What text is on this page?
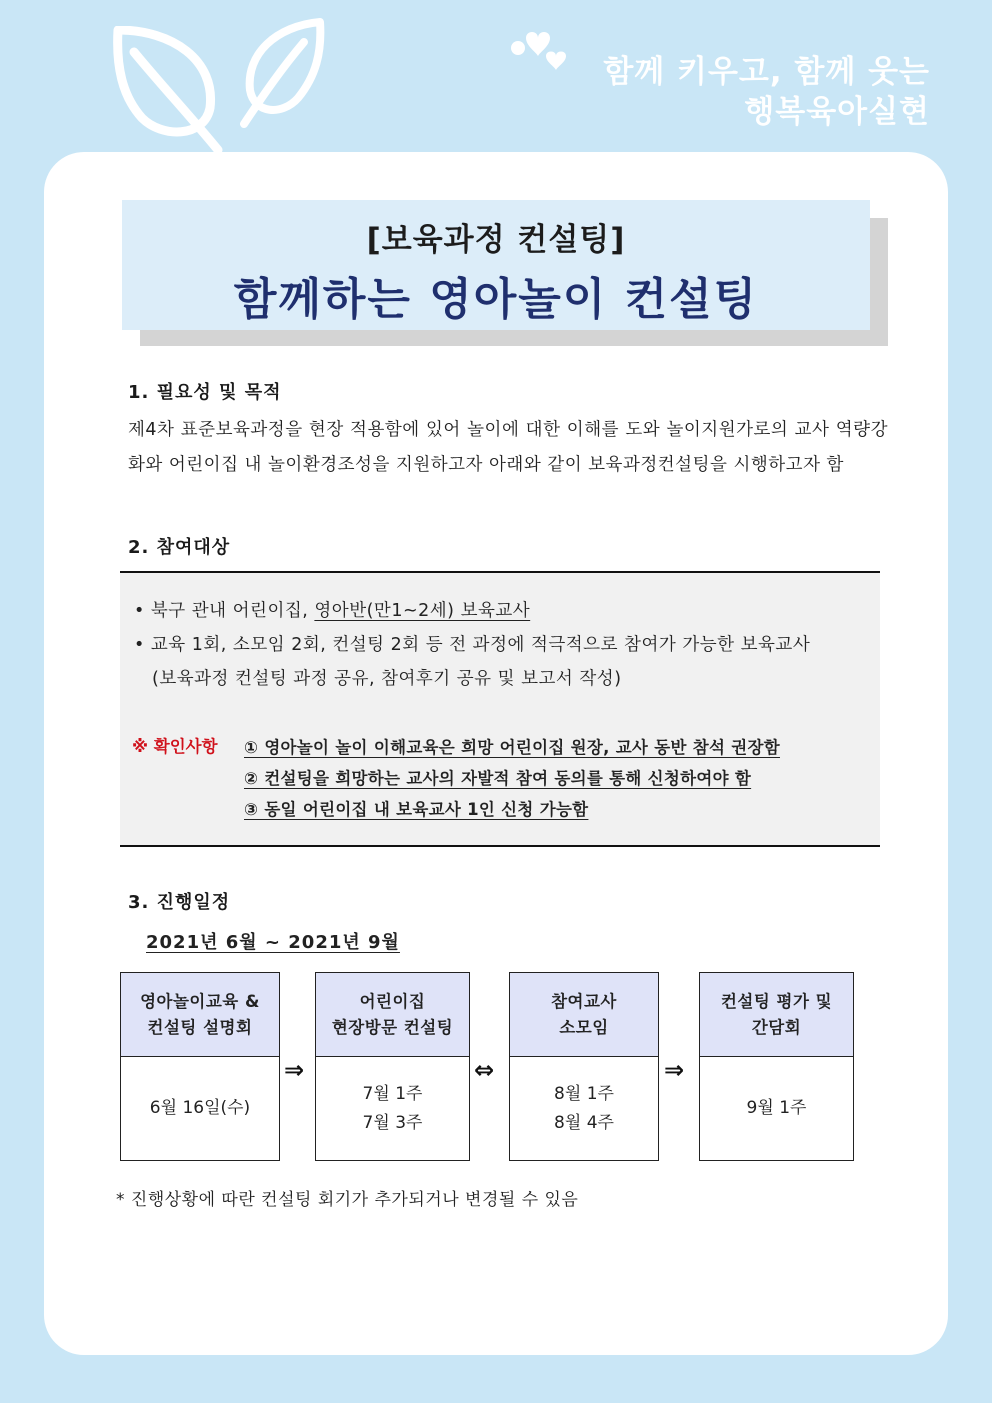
함께 키우고, 함께 웃는
행복육아실현
[보육과정 컨설팅]
함께하는 영아놀이 컨설팅
1. 필요성 및 목적
제4차 표준보육과정을 현장 적용함에 있어 놀이에 대한 이해를 도와 놀이지원가로의 교사 역량강화와 어린이집 내 놀이환경조성을 지원하고자 아래와 같이 보육과정컨설팅을 시행하고자 함
2. 참여대상
• 북구 관내 어린이집, 영아반(만1~2세) 보육교사
• 교육 1회, 소모임 2회, 컨설팅 2회 등 전 과정에 적극적으로 참여가 가능한 보육교사
(보육과정 컨설팅 과정 공유, 참여후기 공유 및 보고서 작성)
※ 확인사항 ① 영아놀이 놀이 이해교육은 희망 어린이집 원장, 교사 동반 참석 권장함
② 컨설팅을 희망하는 교사의 자발적 참여 동의를 통해 신청하여야 함
③ 동일 어린이집 내 보육교사 1인 신청 가능함
3. 진행일정
2021년 6월 ~ 2021년 9월
영아놀이교육 &
컨설팅 설명회
6월 16일(수)
⇒
어린이집
현장방문 컨설팅
7월 1주
7월 3주
⇔
참여교사
소모임
8월 1주
8월 4주
⇒
컨설팅 평가 및
간담회
9월 1주
* 진행상황에 따란 컨설팅 회기가 추가되거나 변경될 수 있음
